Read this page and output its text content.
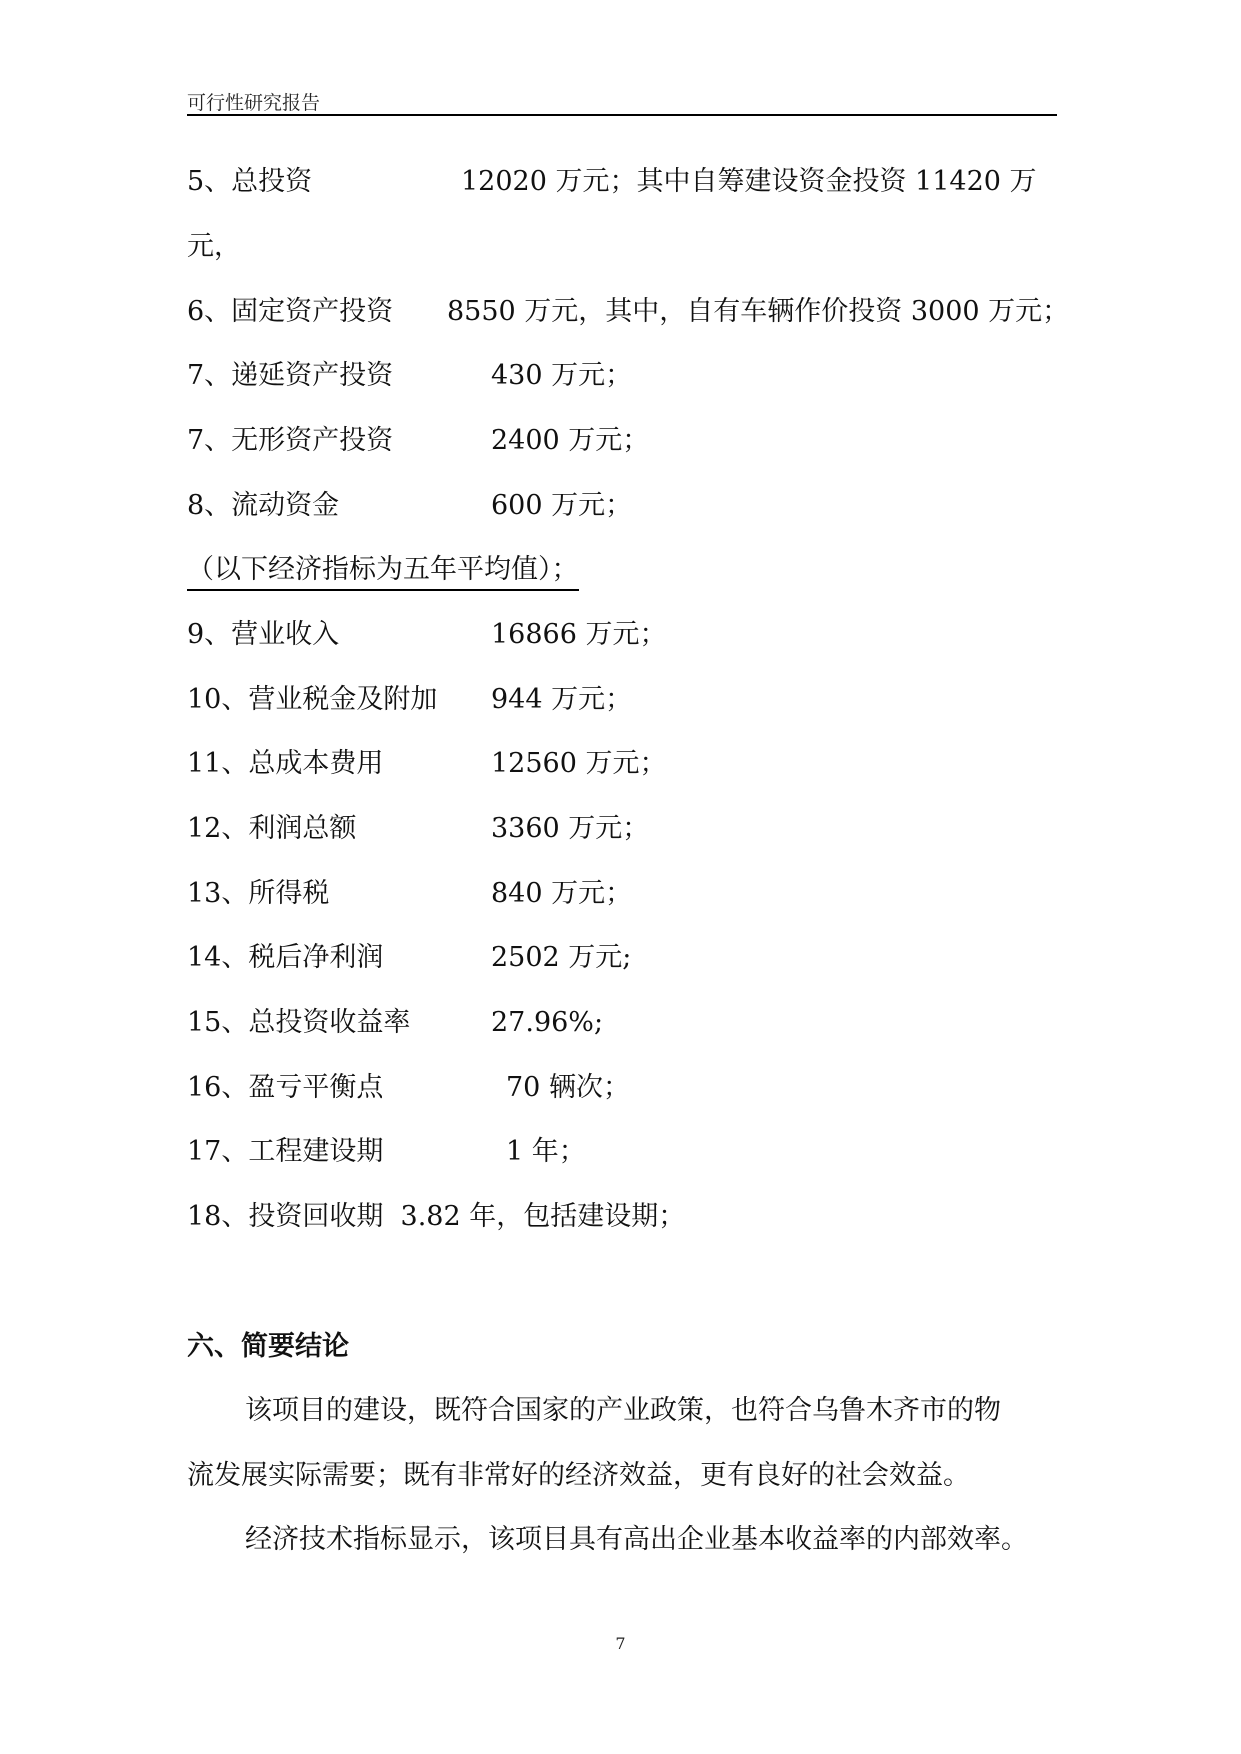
可行性研究报告
5、总投资	12020 万元；其中自筹建设资金投资 11420 万
元，
6、固定资产投资 8550 万元，其中，自有车辆作价投资 3000 万元；
7、递延资产投资	430 万元；
7、无形资产投资	2400 万元；
8、流动资金	600 万元；
（以下经济指标为五年平均值）；
9、营业收入	16866 万元；
10、营业税金及附加 944 万元；
11、总成本费用	12560 万元；
12、利润总额	3360 万元；
13、所得税	840 万元；
14、税后净利润	2502 万元;
15、总投资收益率	27.96%;
16、盈亏平衡点	70 辆次；
17、工程建设期	1 年；
18、投资回收期  3.82 年，包括建设期；
六、简要结论
该项目的建设，既符合国家的产业政策，也符合乌鲁木齐市的物
流发展实际需要；既有非常好的经济效益，更有良好的社会效益。
经济技术指标显示，该项目具有高出企业基本收益率的内部效率。
7
